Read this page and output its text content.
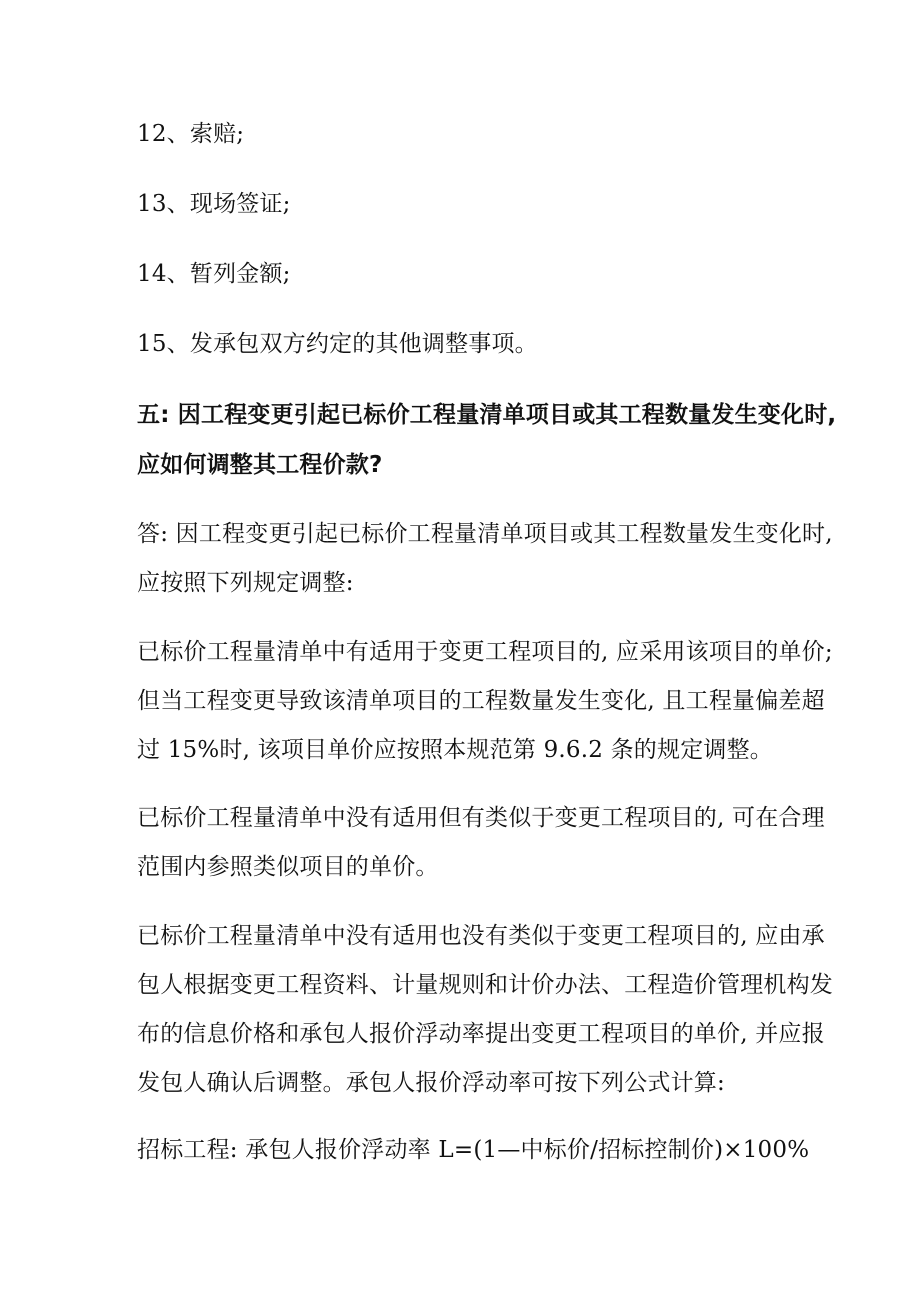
12、索赔;
13、现场签证;
14、暂列金额;
15、发承包双方约定的其他调整事项。
五: 因工程变更引起已标价工程量清单项目或其工程数量发生变化时,
应如何调整其工程价款?
答: 因工程变更引起已标价工程量清单项目或其工程数量发生变化时,
应按照下列规定调整:
已标价工程量清单中有适用于变更工程项目的, 应采用该项目的单价;
但当工程变更导致该清单项目的工程数量发生变化, 且工程量偏差超
过 15%时, 该项目单价应按照本规范第 9.6.2 条的规定调整。
已标价工程量清单中没有适用但有类似于变更工程项目的, 可在合理
范围内参照类似项目的单价。
已标价工程量清单中没有适用也没有类似于变更工程项目的, 应由承
包人根据变更工程资料、计量规则和计价办法、工程造价管理机构发
布的信息价格和承包人报价浮动率提出变更工程项目的单价, 并应报
发包人确认后调整。承包人报价浮动率可按下列公式计算:
招标工程: 承包人报价浮动率 L=(1—中标价/招标控制价)×100%
